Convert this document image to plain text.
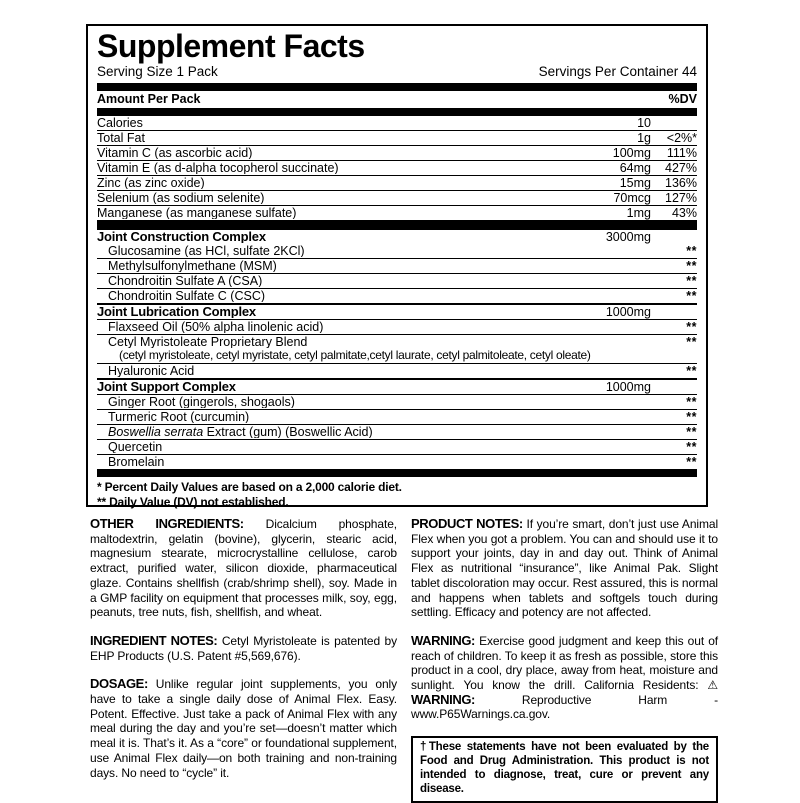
Supplement Facts
Serving Size 1 Pack	Servings Per Container 44
Amount Per Pack	%DV
Calories	10
Total Fat	1g	<2%*
Vitamin C (as ascorbic acid)	100mg	111%
Vitamin E (as d-alpha tocopherol succinate)	64mg	427%
Zinc (as zinc oxide)	15mg	136%
Selenium (as sodium selenite)	70mcg	127%
Manganese (as manganese sulfate)	1mg	43%
Joint Construction Complex	3000mg
Glucosamine (as HCl, sulfate 2KCl)	**
Methylsulfonylmethane (MSM)	**
Chondroitin Sulfate A (CSA)	**
Chondroitin Sulfate C (CSC)	**
Joint Lubrication Complex	1000mg
Flaxseed Oil (50% alpha linolenic acid)	**
Cetyl Myristoleate Proprietary Blend	**
(cetyl myristoleate, cetyl myristate, cetyl palmitate,cetyl laurate, cetyl palmitoleate, cetyl oleate)
Hyaluronic Acid	**
Joint Support Complex	1000mg
Ginger Root (gingerols, shogaols)	**
Turmeric Root (curcumin)	**
Boswellia serrata Extract (gum) (Boswellic Acid)	**
Quercetin	**
Bromelain	**
* Percent Daily Values are based on a 2,000 calorie diet.
** Daily Value (DV) not established.

OTHER INGREDIENTS: Dicalcium phosphate, maltodextrin, gelatin (bovine), glycerin, stearic acid, magnesium stearate, microcrystalline cellulose, carob extract, purified water, silicon dioxide, pharmaceutical glaze. Contains shellfish (crab/shrimp shell), soy. Made in a GMP facility on equipment that processes milk, soy, egg, peanuts, tree nuts, fish, shellfish, and wheat.

INGREDIENT NOTES: Cetyl Myristoleate is patented by EHP Products (U.S. Patent #5,569,676).

DOSAGE: Unlike regular joint supplements, you only have to take a single daily dose of Animal Flex. Easy. Potent. Effective. Just take a pack of Animal Flex with any meal during the day and you’re set—doesn’t matter which meal it is. That’s it. As a “core” or foundational supplement, use Animal Flex daily—on both training and non-training days. No need to “cycle” it.

PRODUCT NOTES: If you’re smart, don’t just use Animal Flex when you got a problem. You can and should use it to support your joints, day in and day out. Think of Animal Flex as nutritional “insurance”, like Animal Pak. Slight tablet discoloration may occur. Rest assured, this is normal and happens when tablets and softgels touch during settling. Efficacy and potency are not affected.

WARNING: Exercise good judgment and keep this out of reach of children. To keep it as fresh as possible, store this product in a cool, dry place, away from heat, moisture and sunlight. You know the drill. California Residents: ⚠ WARNING:	Reproductive Harm - www.P65Warnings.ca.gov.

†These statements have not been evaluated by the Food and Drug Administration. This product is not intended to diagnose, treat, cure or prevent any disease.
